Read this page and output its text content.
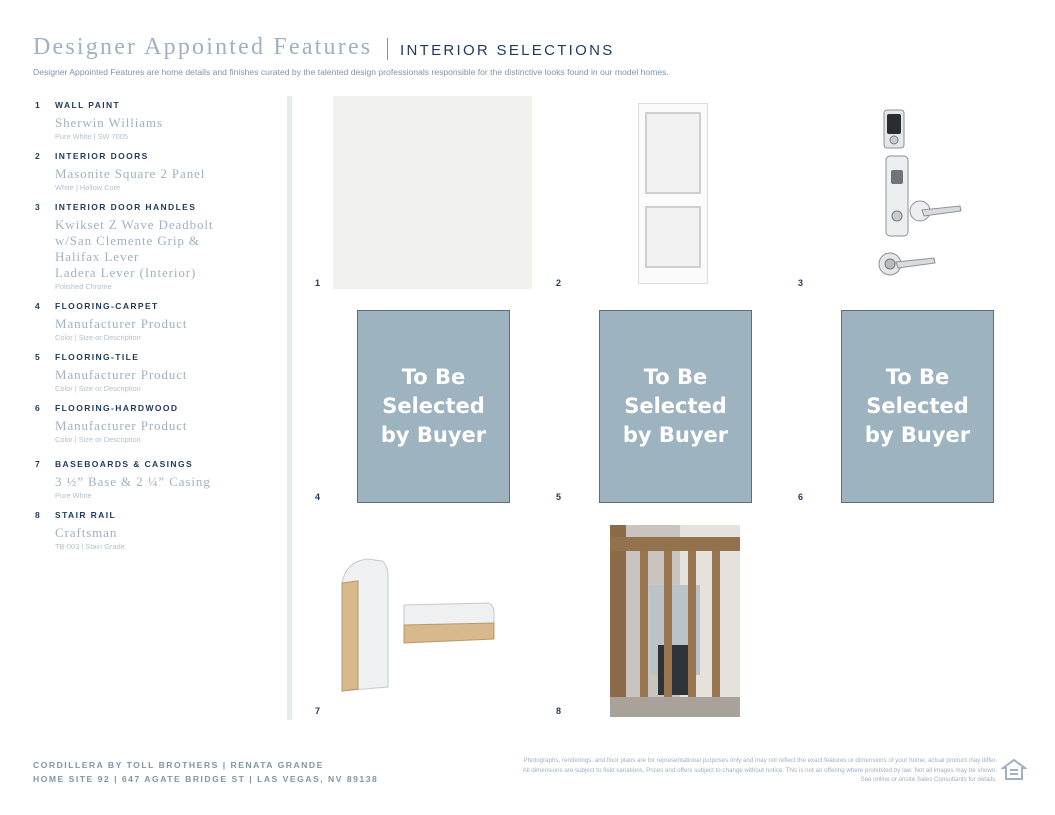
Designer Appointed Features INTERIOR SELECTIONS
Designer Appointed Features are home details and finishes curated by the talented design professionals responsible for the distinctive looks found in our model homes.
1 WALL PAINT
Sherwin Williams
Pure White | SW 7005
2 INTERIOR DOORS
Masonite Square 2 Panel
White | Hollow Core
3 INTERIOR DOOR HANDLES
Kwikset Z Wave Deadbolt
w/San Clemente Grip &
Halifax Lever
Ladera Lever (Interior)
Polished Chrome
4 FLOORING-CARPET
Manufacturer Product
Color | Size or Description
5 FLOORING-TILE
Manufacturer Product
Color | Size or Description
6 FLOORING-HARDWOOD
Manufacturer Product
Color | Size or Description
7 BASEBOARDS & CASINGS
3 ½” Base & 2 ¼” Casing
Pure White
8 STAIR RAIL
Craftsman
TB-003 | Stain Grade
1	2	3
To Be
Selected
by Buyer
4
To Be
Selected
by Buyer
5
To Be
Selected
by Buyer
6
7	8
CORDILLERA BY TOLL BROTHERS | RENATA GRANDE
HOME SITE 92 | 647 AGATE BRIDGE ST | LAS VEGAS, NV 89138
Photographs, renderings, and floor plans are for representational purposes only and may not reflect the exact features or dimensions of your home; actual product may differ. All dimensions are subject to field variations. Prices and offers subject to change without notice. This is not an offering where prohibited by law. Not all images may be shown. See online or onsite Sales Consultants for details.
